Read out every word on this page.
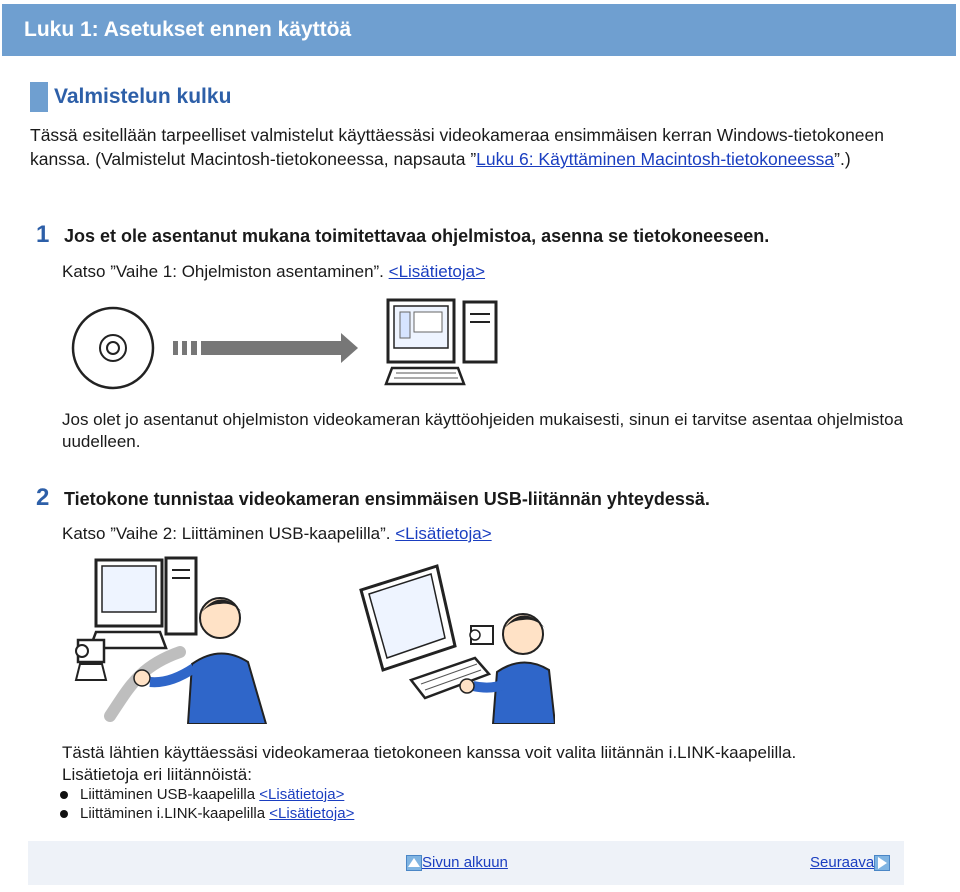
Luku 1: Asetukset ennen käyttöä
Valmistelun kulku
Tässä esitellään tarpeelliset valmistelut käyttäessäsi videokameraa ensimmäisen kerran Windows-tietokoneen kanssa. (Valmistelut Macintosh-tietokoneessa, napsauta ”Luku 6: Käyttäminen Macintosh-tietokoneessa”.)
1 Jos et ole asentanut mukana toimitettavaa ohjelmistoa, asenna se tietokoneeseen.
Katso ”Vaihe 1: Ohjelmiston asentaminen”. <Lisätietoja>
Jos olet jo asentanut ohjelmiston videokameran käyttöohjeiden mukaisesti, sinun ei tarvitse asentaa ohjelmistoa uudelleen.
2 Tietokone tunnistaa videokameran ensimmäisen USB-liitännän yhteydessä.
Katso ”Vaihe 2: Liittäminen USB-kaapelilla”. <Lisätietoja>
Tästä lähtien käyttäessäsi videokameraa tietokoneen kanssa voit valita liitännän i.LINK-kaapelilla.
Lisätietoja eri liitännöistä:
Liittäminen USB-kaapelilla
<Lisätietoja>
Liittäminen i.LINK-kaapelilla
<Lisätietoja>
Sivun alkuun	Seuraava
